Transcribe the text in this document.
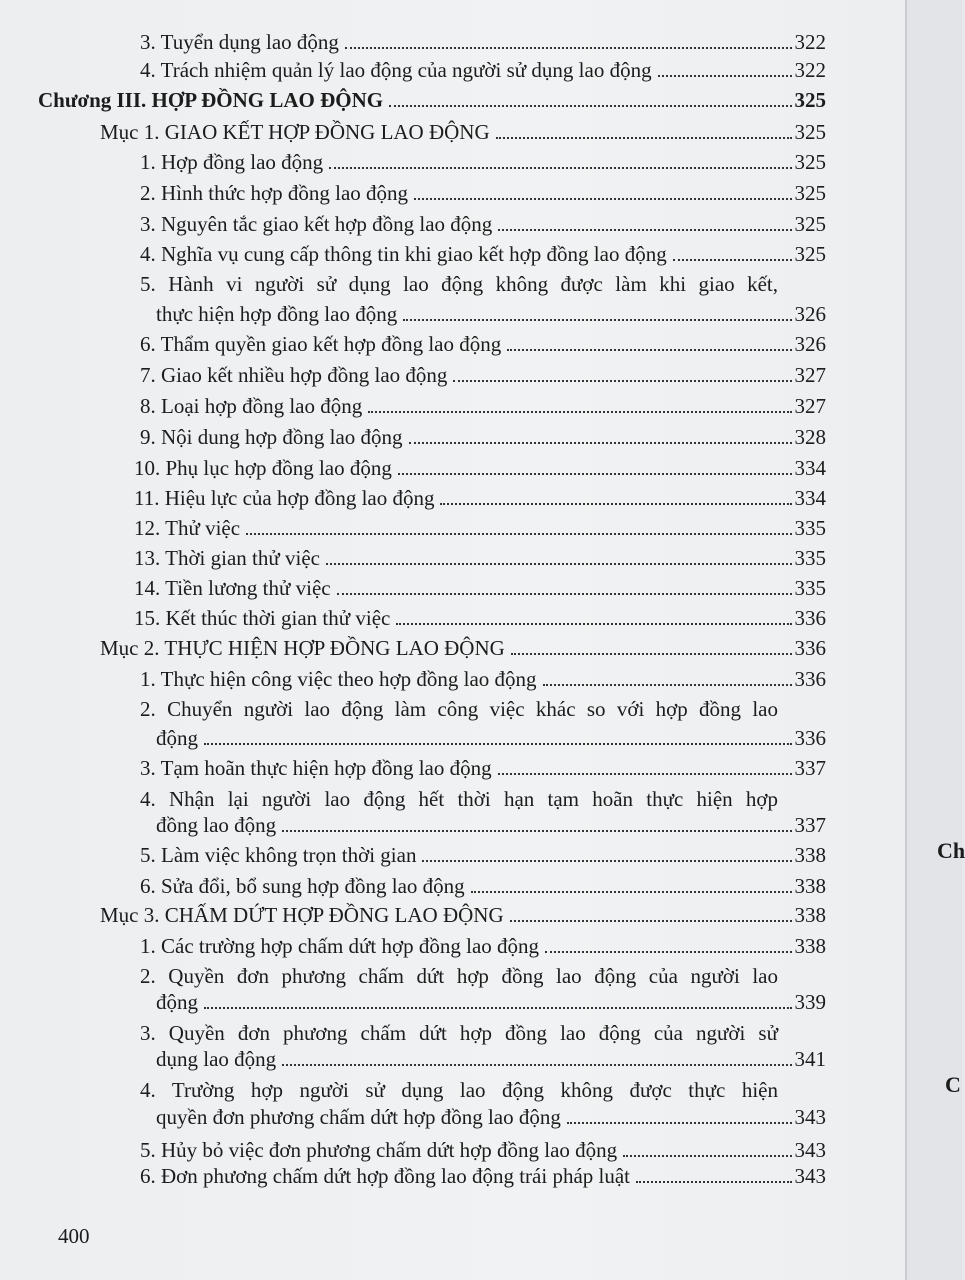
3. Tuyển dụng lao động	322
4. Trách nhiệm quản lý lao động của người sử dụng lao động	322
Chương III. HỢP ĐỒNG LAO ĐỘNG	325
Mục 1. GIAO KẾT HỢP ĐỒNG LAO ĐỘNG	325
1. Hợp đồng lao động	325
2. Hình thức hợp đồng lao động	325
3. Nguyên tắc giao kết hợp đồng lao động	325
4. Nghĩa vụ cung cấp thông tin khi giao kết hợp đồng lao động	325
5. Hành vi người sử dụng lao động không được làm khi giao kết,
thực hiện hợp đồng lao động	326
6. Thẩm quyền giao kết hợp đồng lao động	326
7. Giao kết nhiều hợp đồng lao động	327
8. Loại hợp đồng lao động	327
9. Nội dung hợp đồng lao động	328
10. Phụ lục hợp đồng lao động	334
11. Hiệu lực của hợp đồng lao động	334
12. Thử việc	335
13. Thời gian thử việc	335
14. Tiền lương thử việc	335
15. Kết thúc thời gian thử việc	336
Mục 2. THỰC HIỆN HỢP ĐỒNG LAO ĐỘNG	336
1. Thực hiện công việc theo hợp đồng lao động	336
2. Chuyển người lao động làm công việc khác so với hợp đồng lao
động	336
3. Tạm hoãn thực hiện hợp đồng lao động	337
4. Nhận lại người lao động hết thời hạn tạm hoãn thực hiện hợp
đồng lao động	337
5. Làm việc không trọn thời gian	338
6. Sửa đổi, bổ sung hợp đồng lao động	338
Mục 3. CHẤM DỨT HỢP ĐỒNG LAO ĐỘNG	338
1. Các trường hợp chấm dứt hợp đồng lao động	338
2. Quyền đơn phương chấm dứt hợp đồng lao động của người lao
động	339
3. Quyền đơn phương chấm dứt hợp đồng lao động của người sử
dụng lao động	341
4. Trường hợp người sử dụng lao động không được thực hiện
quyền đơn phương chấm dứt hợp đồng lao động	343
5. Hủy bỏ việc đơn phương chấm dứt hợp đồng lao động	343
6. Đơn phương chấm dứt hợp đồng lao động trái pháp luật	343
400
Ch
C
